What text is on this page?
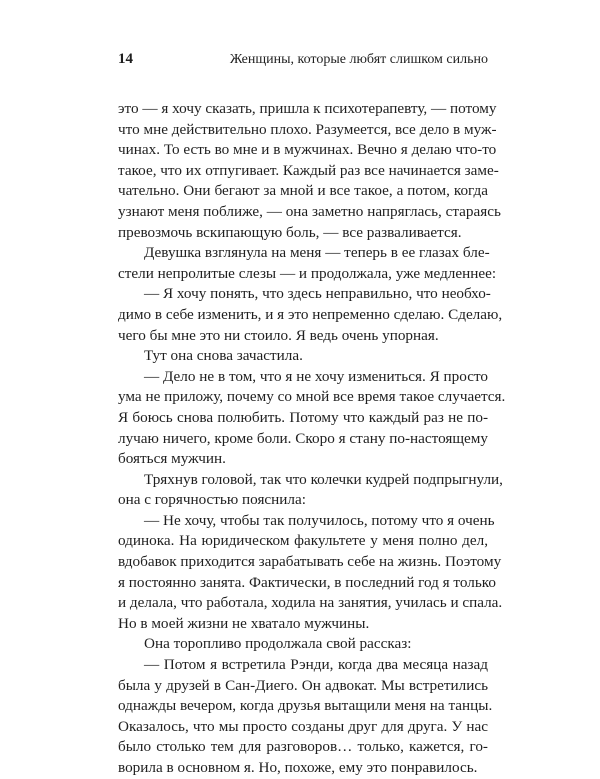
14	Женщины, которые любят слишком сильно
это — я хочу сказать, пришла к психотерапевту, — потому
что мне действительно плохо. Разумеется, все дело в муж-
чинах. То есть во мне и в мужчинах. Вечно я делаю что-то
такое, что их отпугивает. Каждый раз все начинается заме-
чательно. Они бегают за мной и все такое, а потом, когда
узнают меня поближе, — она заметно напряглась, стараясь
превозмочь вскипающую боль, — все разваливается.
Девушка взглянула на меня — теперь в ее глазах бле-
стели непролитые слезы — и продолжала, уже медленнее:
— Я хочу понять, что здесь неправильно, что необхо-
димо в себе изменить, и я это непременно сделаю. Сделаю,
чего бы мне это ни стоило. Я ведь очень упорная.
Тут она снова зачастила.
— Дело не в том, что я не хочу измениться. Я просто
ума не приложу, почему со мной все время такое случается.
Я боюсь снова полюбить. Потому что каждый раз не по-
лучаю ничего, кроме боли. Скоро я стану по-настоящему
бояться мужчин.
Тряхнув головой, так что колечки кудрей подпрыгнули,
она с горячностью пояснила:
— Не хочу, чтобы так получилось, потому что я очень
одинока. На юридическом факультете у меня полно дел,
вдобавок приходится зарабатывать себе на жизнь. Поэтому
я постоянно занята. Фактически, в последний год я только
и делала, что работала, ходила на занятия, училась и спала.
Но в моей жизни не хватало мужчины.
Она торопливо продолжала свой рассказ:
— Потом я встретила Рэнди, когда два месяца назад
была у друзей в Сан-Диего. Он адвокат. Мы встретились
однажды вечером, когда друзья вытащили меня на танцы.
Оказалось, что мы просто созданы друг для друга. У нас
было столько тем для разговоров… только, кажется, го-
ворила в основном я. Но, похоже, ему это понравилось.
